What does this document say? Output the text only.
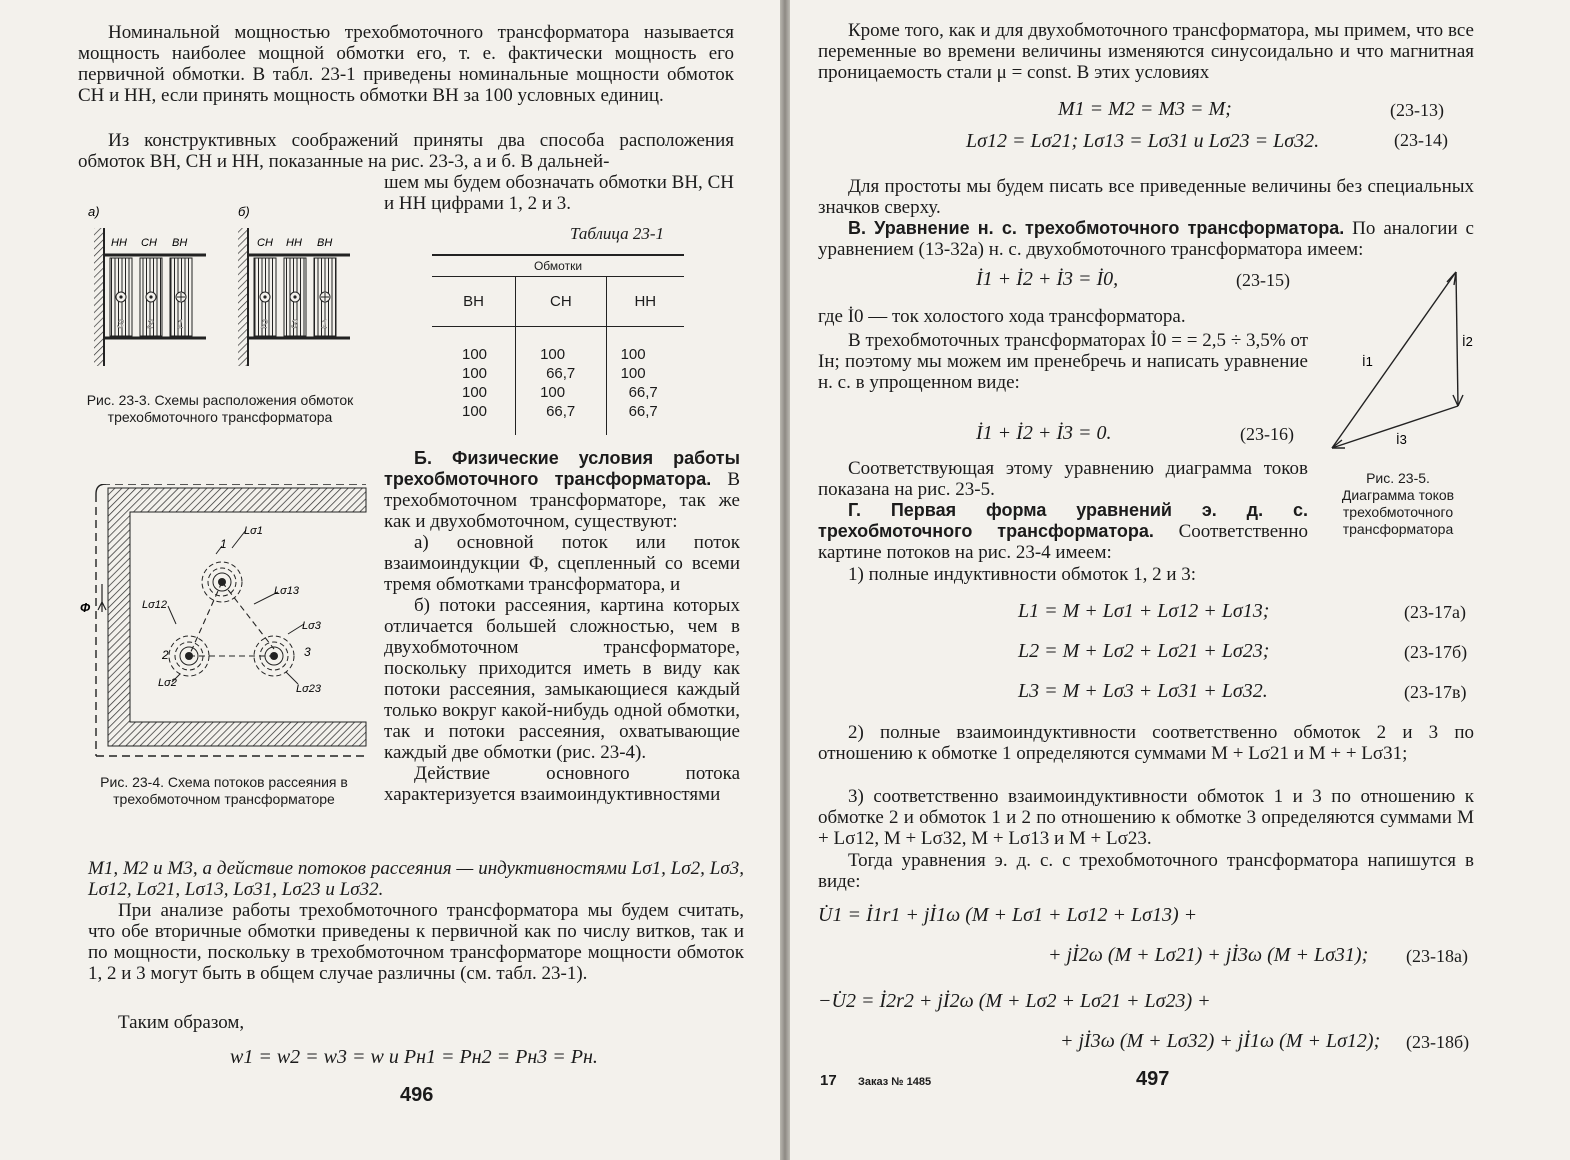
Номинальной мощностью трехобмоточного трансформатора называется мощность наиболее мощной обмотки его, т. е. фактически мощность его первичной обмотки. В табл. 23-1 приведены номинальные мощности обмоток СН и НН, если принять мощность обмотки ВН за 100 условных единиц.
Из конструктивных соображений приняты два способа расположения обмоток ВН, СН и НН, показанные на рис. 23-3, а и б. В дальней-
шем мы будем обозначать обмотки ВН, СН и НН цифрами 1, 2 и 3.
а)	б)
НН СН ВН
3 2 1
СН НН ВН
2 3 1
Рис. 23-3. Схемы расположения обмоток трехобмоточного трансформатора
Таблица 23-1
Обмотки		
ВН	СН	НН

100	100	100
100	66,7	100
100	100	66,7
100	66,7	66,7

Ф
1
2	3
Lσ1
Lσ12
Lσ13
Lσ3
Lσ2	Lσ23
Рис. 23-4. Схема потоков рассеяния в трехобмоточном трансформаторе

Б. Физические условия работы трехобмоточного трансформатора. В трехобмоточном трансформаторе, так же как и двухобмоточном, существуют:

а) основной поток или поток взаимоиндукции Ф, сцепленный со всеми тремя обмотками трансформатора, и

б) потоки рассеяния, картина которых отличается большей сложностью, чем в двухобмоточном трансформаторе, поскольку приходится иметь в виду как потоки рассеяния, замыкающиеся каждый только вокруг какой-нибудь одной обмотки, так и потоки рассеяния, охватывающие каждый две обмотки (рис. 23-4).

Действие основного потока характеризуется взаимоиндуктивностями

M1, M2 и M3, а действие потоков рассеяния — индуктивностями Lσ1, Lσ2, Lσ3, Lσ12, Lσ21, Lσ13, Lσ31, Lσ23 и Lσ32.
При анализе работы трехобмоточного трансформатора мы будем считать, что обе вторичные обмотки приведены к первичной как по числу витков, так и по мощности, поскольку в трехобмоточном трансформаторе мощности обмоток 1, 2 и 3 могут быть в общем случае различны (см. табл. 23-1).
Таким образом,
w1 = w2 = w3 = w и Pн1 = Pн2 = Pн3 = Pн.
496
Кроме того, как и для двухобмоточного трансформатора, мы примем, что все переменные во времени величины изменяются синусоидально и что магнитная проницаемость стали μ = const. В этих условиях
M1 = M2 = M3 = M;	(23-13)
Lσ12 = Lσ21; Lσ13 = Lσ31 и Lσ23 = Lσ32.	(23-14)
Для простоты мы будем писать все приведенные величины без специальных значков сверху.
В. Уравнение н. с. трехобмоточного трансформатора. По аналогии с уравнением (13-32а) н. с. двухобмоточного трансформатора имеем:
İ1 + İ2 + İ3 = İ0,	(23-15)
где İ0 — ток холостого хода трансформатора.
В трехобмоточных трансформаторах İ0 = = 2,5 ÷ 3,5% от Iн; поэтому мы можем им пренебречь и написать уравнение н. с. в упрощенном виде:
İ1 + İ2 + İ3 = 0.	(23-16)
Соответствующая этому уравнению диаграмма токов показана на рис. 23-5.
İ1
İ2
İ3
Рис. 23-5. Диаграмма токов трехобмоточного трансформатора
Г. Первая форма уравнений э. д. с. трехобмоточного трансформатора. Соответственно картине потоков на рис. 23-4 имеем:
1) полные индуктивности обмоток 1, 2 и 3:
L1 = M + Lσ1 + Lσ12 + Lσ13;	(23-17а)
L2 = M + Lσ2 + Lσ21 + Lσ23;	(23-17б)
L3 = M + Lσ3 + Lσ31 + Lσ32.	(23-17в)
2) полные взаимоиндуктивности соответственно обмоток 2 и 3 по отношению к обмотке 1 определяются суммами M + Lσ21 и M + + Lσ31;
3) соответственно взаимоиндуктивности обмоток 1 и 3 по отношению к обмотке 2 и обмоток 1 и 2 по отношению к обмотке 3 определяются суммами M + Lσ12, M + Lσ32, M + Lσ13 и M + Lσ23.
Тогда уравнения э. д. с. с трехобмоточного трансформатора напишутся в виде:
U̇1 = İ1r1 + jİ1ω (M + Lσ1 + Lσ12 + Lσ13) +
+ jİ2ω (M + Lσ21) + jİ3ω (M + Lσ31); (23-18а)
−U̇2 = İ2r2 + jİ2ω (M + Lσ2 + Lσ21 + Lσ23) +
+ jİ3ω (M + Lσ32) + jİ1ω (M + Lσ12); (23-18б)
17 Заказ № 1485	497
